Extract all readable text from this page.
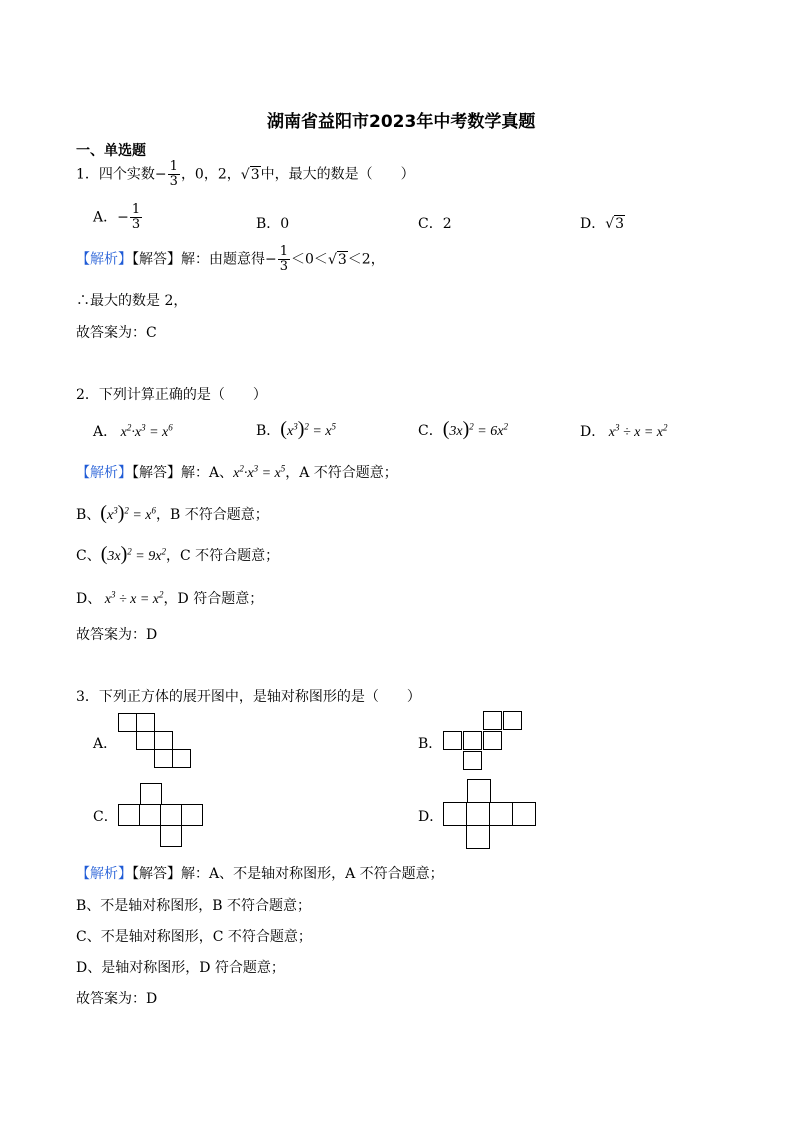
湖南省益阳市2023年中考数学真题
一、单选题
1．四个实数− $\frac{1}{3}$ ，0，2，√3中，最大的数是（　　）
A．− $\frac{1}{3}$	B．0	C．2	D．√3
【解析】【解答】解：由题意得− $\frac{1}{3} <0<√3<2$，
∴最大的数是 2，
故答案为：C
2．下列计算正确的是（　　）
A． $x^2\cdot x^3 = x^6$	B．$(x^3)^2 = x^5$	C．$(3x)^2 = 6x^2$	D． $x^3 \div x = x^2$
【解析】【解答】解：A、$x^2\cdot x^3 = x^5$，A 不符合题意；
B、$(x^3)^2 = x^6$，B 不符合题意；
C、$(3x)^2 = 9x^2$，C 不符合题意；
D、 $x^3 \div x = x^2$，D 符合题意；
故答案为：D
3．下列正方体的展开图中，是轴对称图形的是（　　）
A．	B．
C．	D．
【解析】【解答】解：A、不是轴对称图形，A 不符合题意；
B、不是轴对称图形，B 不符合题意；
C、不是轴对称图形，C 不符合题意；
D、是轴对称图形，D 符合题意；
故答案为：D
